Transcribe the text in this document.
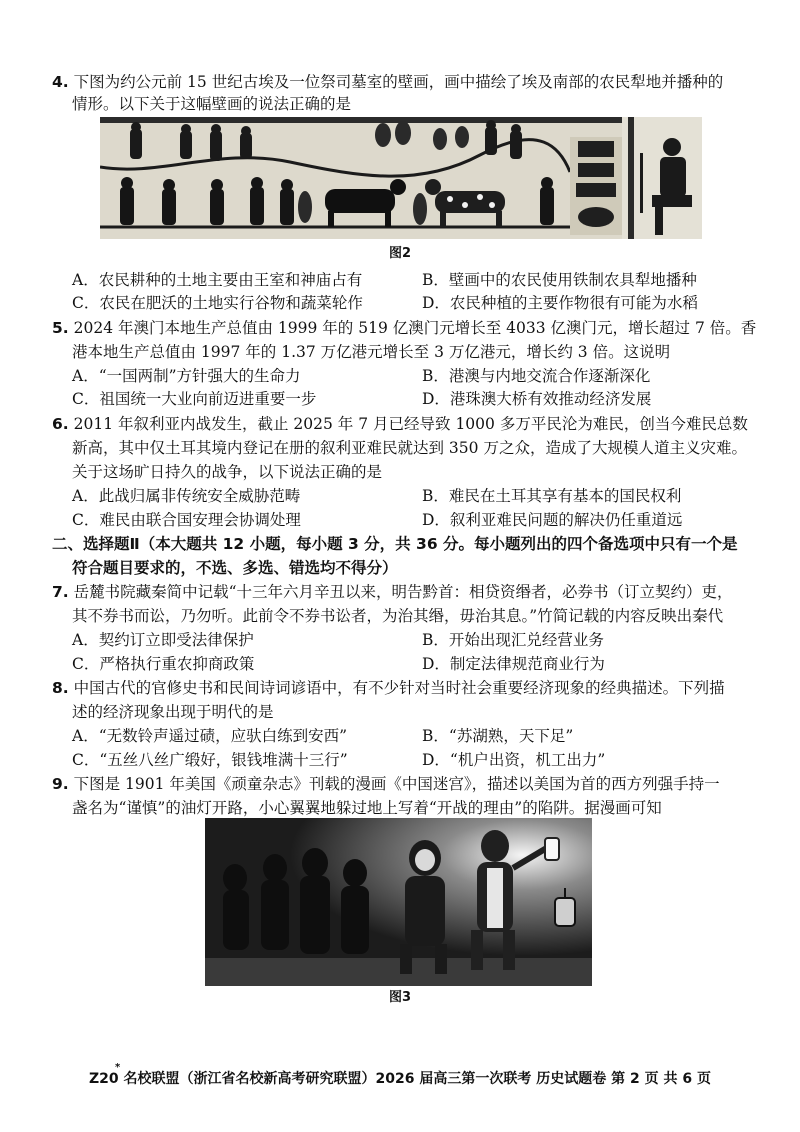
4. 下图为约公元前 15 世纪古埃及一位祭司墓室的壁画，画中描绘了埃及南部的农民犁地并播种的
情形。以下关于这幅壁画的说法正确的是
图2
A．农民耕种的土地主要由王室和神庙占有	B．壁画中的农民使用铁制农具犁地播种
C．农民在肥沃的土地实行谷物和蔬菜轮作	D．农民种植的主要作物很有可能为水稻
5. 2024 年澳门本地生产总值由 1999 年的 519 亿澳门元增长至 4033 亿澳门元，增长超过 7 倍。香
港本地生产总值由 1997 年的 1.37 万亿港元增长至 3 万亿港元，增长约 3 倍。这说明
A．“一国两制”方针强大的生命力	B．港澳与内地交流合作逐渐深化
C．祖国统一大业向前迈进重要一步	D．港珠澳大桥有效推动经济发展
6. 2011 年叙利亚内战发生，截止 2025 年 7 月已经导致 1000 多万平民沦为难民，创当今难民总数
新高，其中仅土耳其境内登记在册的叙利亚难民就达到 350 万之众，造成了大规模人道主义灾难。
关于这场旷日持久的战争，以下说法正确的是
A．此战归属非传统安全威胁范畴	B．难民在土耳其享有基本的国民权利
C．难民由联合国安理会协调处理	D．叙利亚难民问题的解决仍任重道远
二、选择题Ⅱ（本大题共 12 小题，每小题 3 分，共 36 分。每小题列出的四个备选项中只有一个是
符合题目要求的，不选、多选、错选均不得分）
7. 岳麓书院藏秦简中记载“十三年六月辛丑以来，明告黔首：相贷资缗者，必券书（订立契约）吏，
其不券书而讼，乃勿听。此前令不券书讼者，为治其缗，毋治其息。”竹简记载的内容反映出秦代
A．契约订立即受法律保护	B．开始出现汇兑经营业务
C．严格执行重农抑商政策	D．制定法律规范商业行为
8. 中国古代的官修史书和民间诗词谚语中，有不少针对当时社会重要经济现象的经典描述。下列描
述的经济现象出现于明代的是
A．“无数铃声遥过碛，应驮白练到安西”	B．“苏湖熟，天下足”
C．“五丝八丝广缎好，银钱堆满十三行”	D．“机户出资，机工出力”
9. 下图是 1901 年美国《顽童杂志》刊载的漫画《中国迷宫》，描述以美国为首的西方列强手持一
盏名为“谨慎”的油灯开路，小心翼翼地躲过地上写着“开战的理由”的陷阱。据漫画可知
图3
Z20 名校联盟（浙江省名校新高考研究联盟）2026 届高三第一次联考 历史试题卷 第 2 页 共 6 页
*
